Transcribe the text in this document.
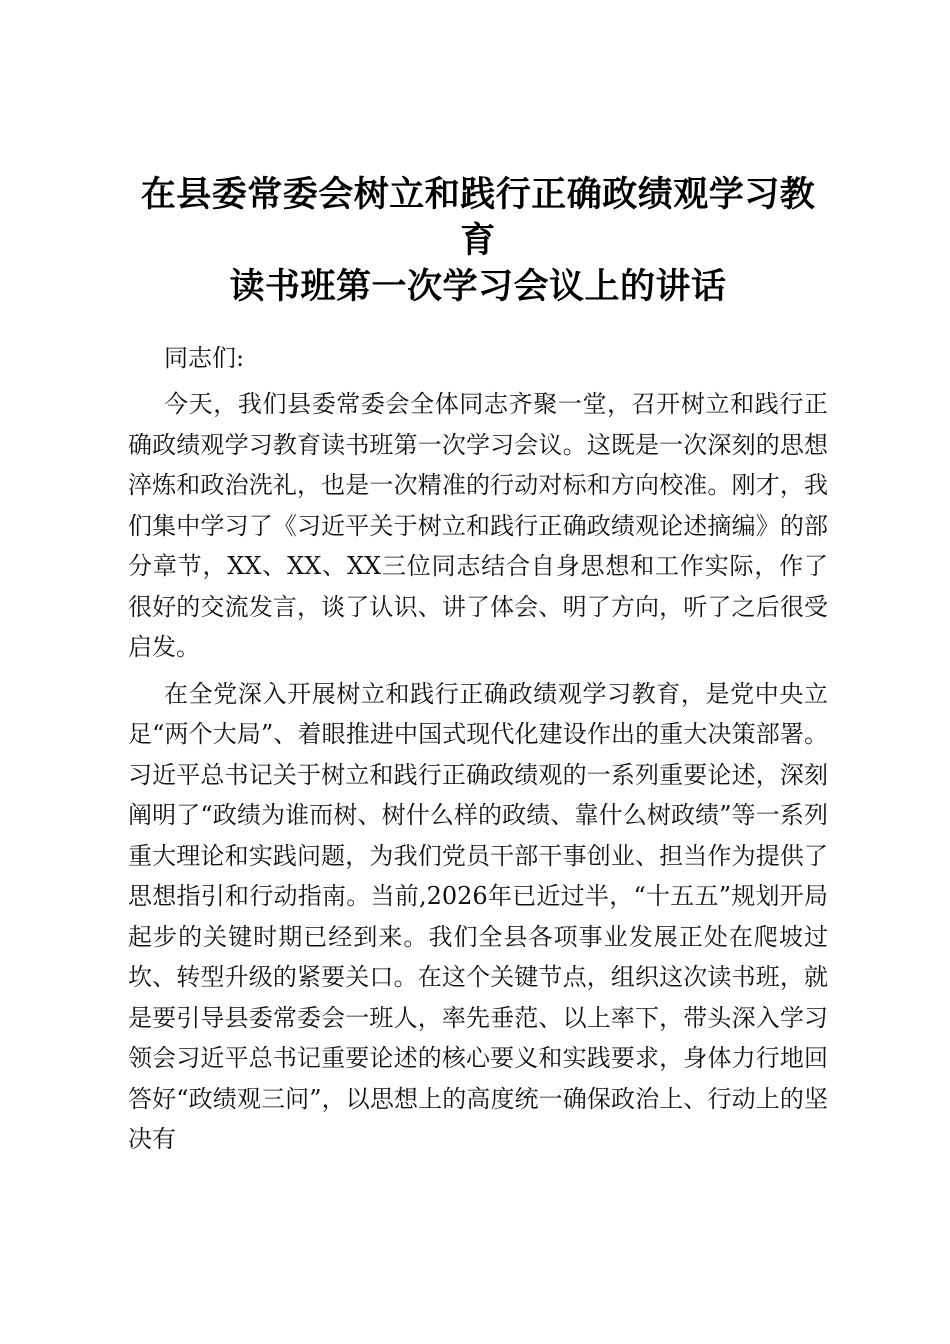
在县委常委会树立和践行正确政绩观学习教育
读书班第一次学习会议上的讲话

同志们:

今天，我们县委常委会全体同志齐聚一堂，召开树立和践行正确政绩观学习教育读书班第一次学习会议。这既是一次深刻的思想淬炼和政治洗礼，也是一次精准的行动对标和方向校准。刚才，我们集中学习了《习近平关于树立和践行正确政绩观论述摘编》的部分章节，XX、XX、XX三位同志结合自身思想和工作实际，作了很好的交流发言，谈了认识、讲了体会、明了方向，听了之后很受启发。

在全党深入开展树立和践行正确政绩观学习教育，是党中央立足“两个大局”、着眼推进中国式现代化建设作出的重大决策部署。习近平总书记关于树立和践行正确政绩观的一系列重要论述，深刻阐明了“政绩为谁而树、树什么样的政绩、靠什么树政绩”等一系列重大理论和实践问题，为我们党员干部干事创业、担当作为提供了思想指引和行动指南。当前,2026年已近过半，“十五五”规划开局起步的关键时期已经到来。我们全县各项事业发展正处在爬坡过坎、转型升级的紧要关口。在这个关键节点，组织这次读书班，就是要引导县委常委会一班人，率先垂范、以上率下，带头深入学习领会习近平总书记重要论述的核心要义和实践要求，身体力行地回答好“政绩观三问”，以思想上的高度统一确保政治上、行动上的坚决有
